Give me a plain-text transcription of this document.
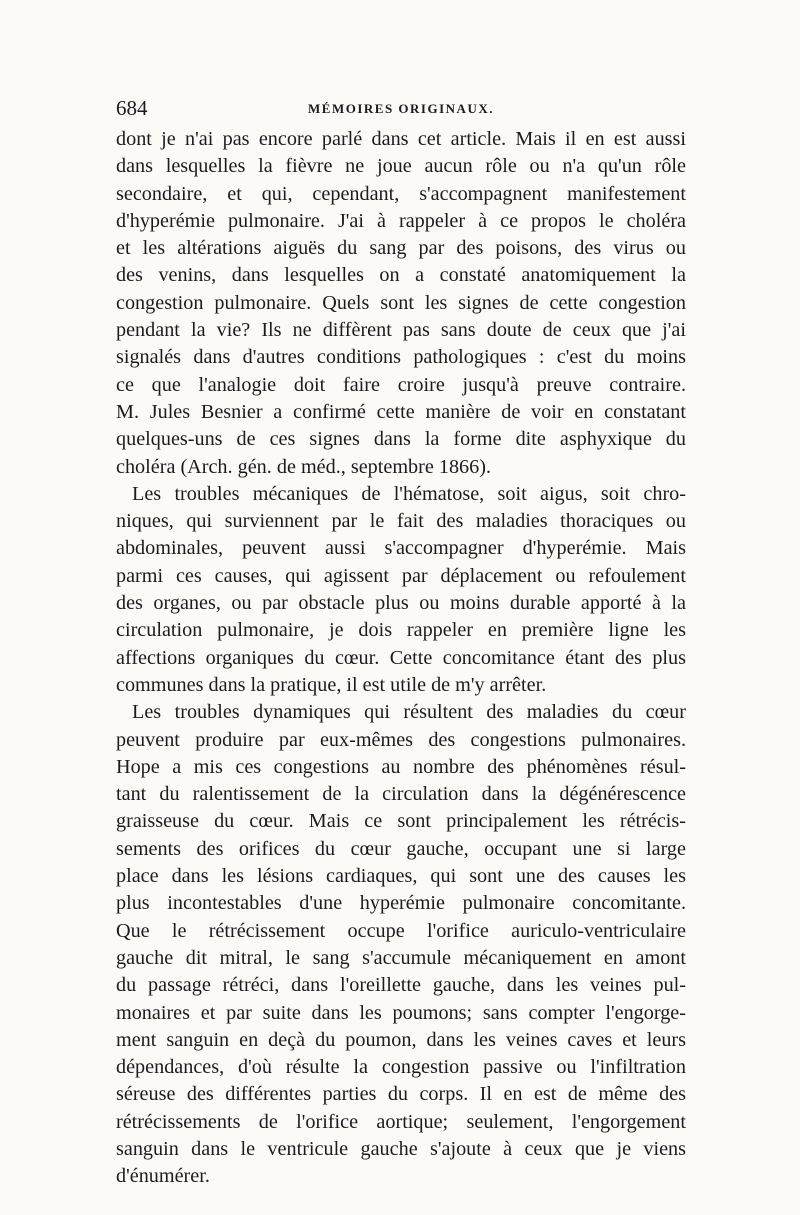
684	MÉMOIRES ORIGINAUX.
dont je n'ai pas encore parlé dans cet article. Mais il en est aussi
dans lesquelles la fièvre ne joue aucun rôle ou n'a qu'un rôle
secondaire, et qui, cependant, s'accompagnent manifestement
d'hyperémie pulmonaire. J'ai à rappeler à ce propos le choléra
et les altérations aiguës du sang par des poisons, des virus ou
des venins, dans lesquelles on a constaté anatomiquement la
congestion pulmonaire. Quels sont les signes de cette congestion
pendant la vie? Ils ne diffèrent pas sans doute de ceux que j'ai
signalés dans d'autres conditions pathologiques : c'est du moins
ce que l'analogie doit faire croire jusqu'à preuve contraire.
M. Jules Besnier a confirmé cette manière de voir en constatant
quelques-uns de ces signes dans la forme dite asphyxique du
choléra (Arch. gén. de méd., septembre 1866).
Les troubles mécaniques de l'hématose, soit aigus, soit chro-
niques, qui surviennent par le fait des maladies thoraciques ou
abdominales, peuvent aussi s'accompagner d'hyperémie. Mais
parmi ces causes, qui agissent par déplacement ou refoulement
des organes, ou par obstacle plus ou moins durable apporté à la
circulation pulmonaire, je dois rappeler en première ligne les
affections organiques du cœur. Cette concomitance étant des plus
communes dans la pratique, il est utile de m'y arrêter.
Les troubles dynamiques qui résultent des maladies du cœur
peuvent produire par eux-mêmes des congestions pulmonaires.
Hope a mis ces congestions au nombre des phénomènes résul-
tant du ralentissement de la circulation dans la dégénérescence
graisseuse du cœur. Mais ce sont principalement les rétrécis-
sements des orifices du cœur gauche, occupant une si large
place dans les lésions cardiaques, qui sont une des causes les
plus incontestables d'une hyperémie pulmonaire concomitante.
Que le rétrécissement occupe l'orifice auriculo-ventriculaire
gauche dit mitral, le sang s'accumule mécaniquement en amont
du passage rétréci, dans l'oreillette gauche, dans les veines pul-
monaires et par suite dans les poumons; sans compter l'engorge-
ment sanguin en deçà du poumon, dans les veines caves et leurs
dépendances, d'où résulte la congestion passive ou l'infiltration
séreuse des différentes parties du corps. Il en est de même des
rétrécissements de l'orifice aortique; seulement, l'engorgement
sanguin dans le ventricule gauche s'ajoute à ceux que je viens
d'énumérer.
